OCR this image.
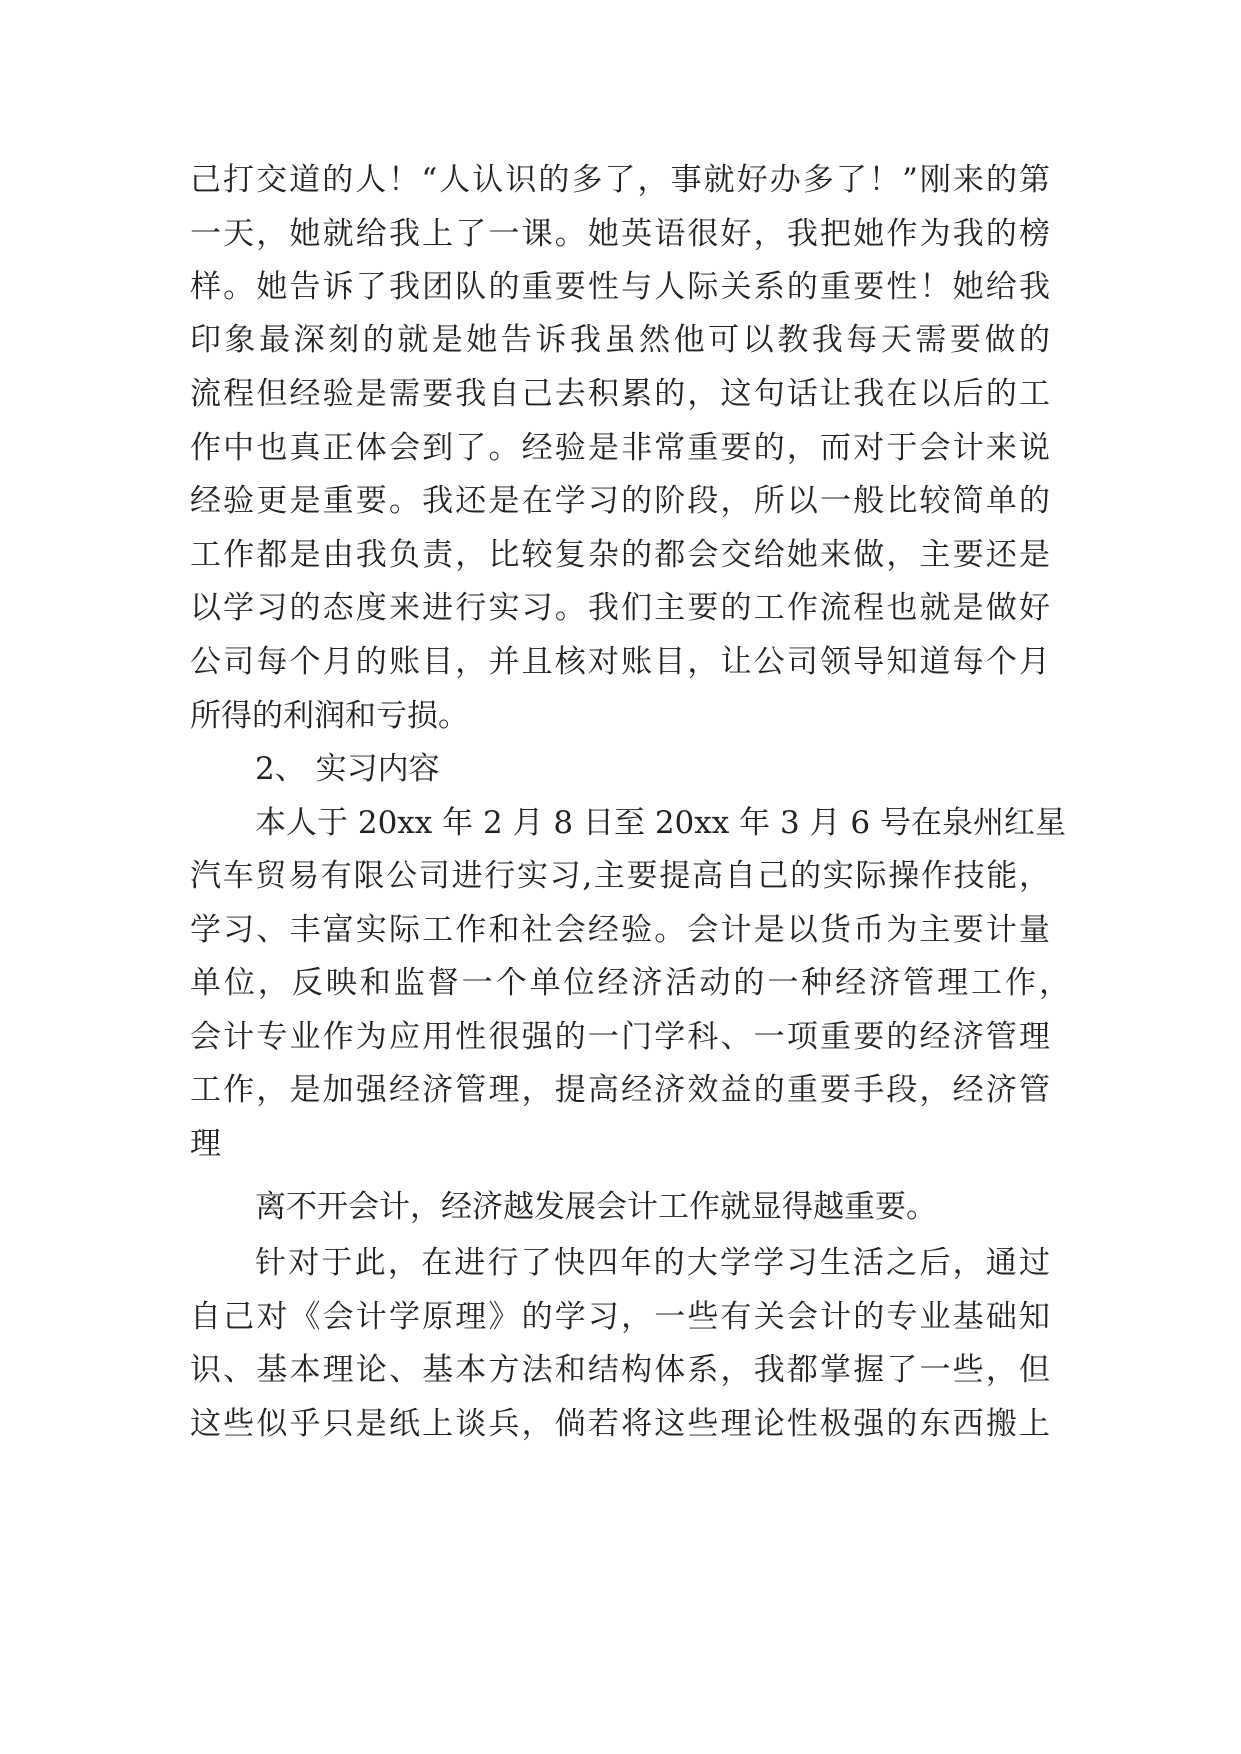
己打交道的人！“人认识的多了，事就好办多了！”刚来的第
一天，她就给我上了一课。她英语很好，我把她作为我的榜
样。她告诉了我团队的重要性与人际关系的重要性！她给我
印象最深刻的就是她告诉我虽然他可以教我每天需要做的
流程但经验是需要我自己去积累的，这句话让我在以后的工
作中也真正体会到了。经验是非常重要的，而对于会计来说
经验更是重要。我还是在学习的阶段，所以一般比较简单的
工作都是由我负责，比较复杂的都会交给她来做，主要还是
以学习的态度来进行实习。我们主要的工作流程也就是做好
公司每个月的账目，并且核对账目，让公司领导知道每个月
所得的利润和亏损。
2、 实习内容
本人于 20xx 年 2 月 8 日至 20xx 年 3 月 6 号在泉州红星
汽车贸易有限公司进行实习,主要提高自己的实际操作技能，
学习、丰富实际工作和社会经验。会计是以货币为主要计量
单位，反映和监督一个单位经济活动的一种经济管理工作，
会计专业作为应用性很强的一门学科、一项重要的经济管理
工作，是加强经济管理，提高经济效益的重要手段，经济管
理
离不开会计，经济越发展会计工作就显得越重要。
针对于此，在进行了快四年的大学学习生活之后，通过
自己对《会计学原理》的学习，一些有关会计的专业基础知
识、基本理论、基本方法和结构体系，我都掌握了一些，但
这些似乎只是纸上谈兵，倘若将这些理论性极强的东西搬上
